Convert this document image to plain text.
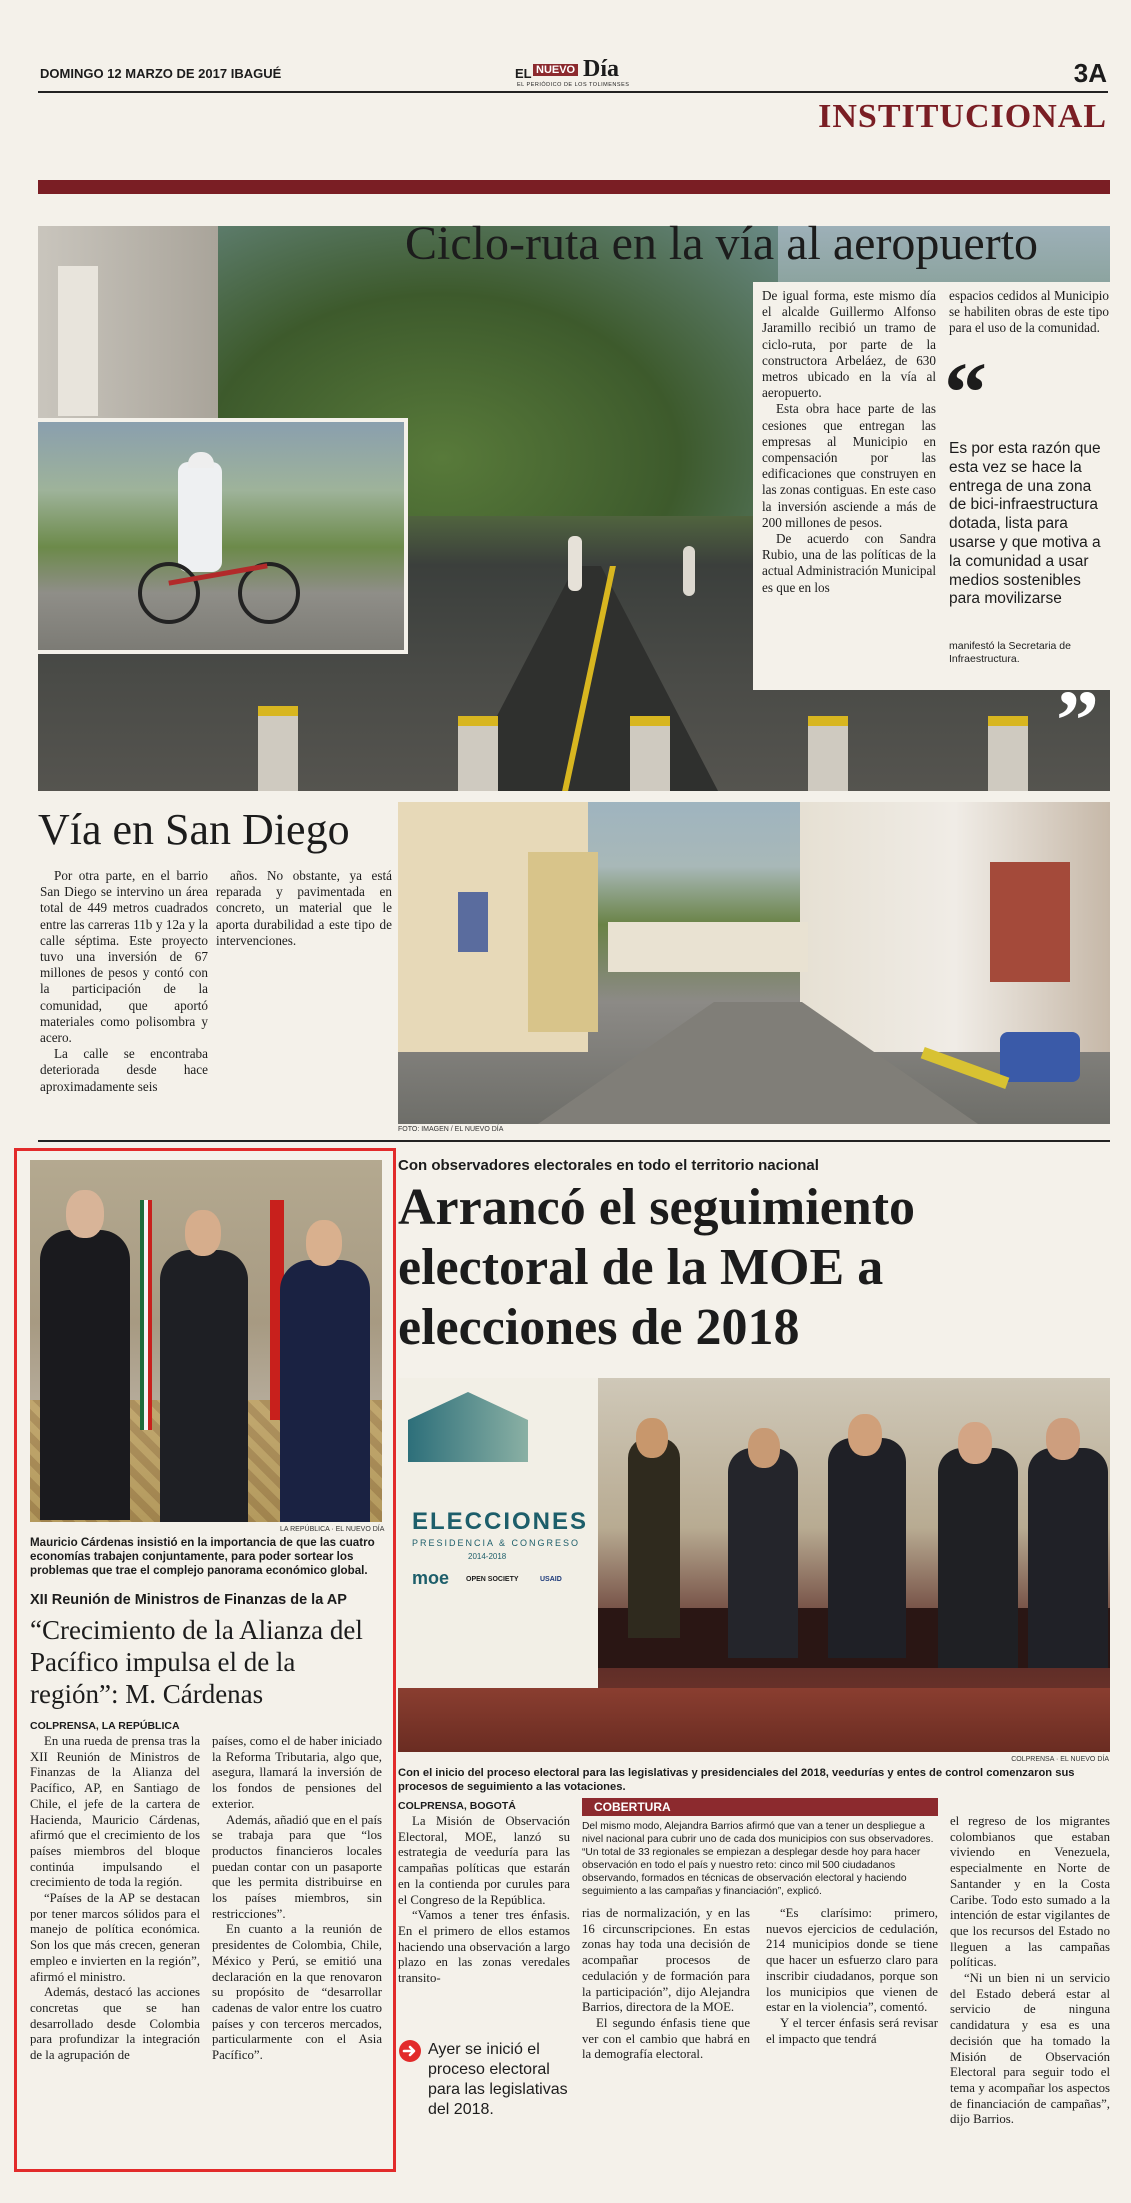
DOMINGO 12 MARZO DE 2017 IBAGUÉ	EL NUEVO Día
EL PERIÓDICO DE LOS TOLIMENSES	3A
INSTITUCIONAL
Ciclo-ruta en la vía al aeropuerto

De igual forma, este mismo día el alcalde Guillermo Alfonso Jaramillo recibió un tramo de ciclo-ruta, por parte de la constructora Arbeláez, de 630 metros ubicado en la vía al aeropuerto.

Esta obra hace parte de las cesiones que entregan las empresas al Municipio en compensación por las edificaciones que construyen en las zonas contiguas. En este caso la inversión asciende a más de 200 millones de pesos.

De acuerdo con Sandra Rubio, una de las políticas de la actual Administración Municipal es que en los

espacios cedidos al Municipio se habiliten obras de este tipo para el uso de la comunidad.

“
Es por esta razón que esta vez se hace la entrega de una zona de bici-infraestructura dotada, lista para usarse y que motiva a la comunidad a usar medios sostenibles para movilizarse
manifestó la Secretaria de Infraestructura.
”
Vía en San Diego

Por otra parte, en el barrio San Diego se intervino un área total de 449 metros cuadrados entre las carreras 11b y 12a y la calle séptima. Este proyecto tuvo una inversión de 67 millones de pesos y contó con la participación de la comunidad, que aportó materiales como polisombra y acero.

La calle se encontraba deteriorada desde hace aproximadamente seis

años. No obstante, ya está reparada y pavimentada en concreto, un material que le aporta durabilidad a este tipo de intervenciones.

FOTO: IMAGEN / EL NUEVO DÍA
LA REPÚBLICA · EL NUEVO DÍA
Mauricio Cárdenas insistió en la importancia de que las cuatro economías trabajen conjuntamente, para poder sortear los problemas que trae el complejo panorama económico global.
XII Reunión de Ministros de Finanzas de la AP
“Crecimiento de la Alianza del Pacífico impulsa el de la región”: M. Cárdenas
COLPRENSA, LA REPÚBLICA

En una rueda de prensa tras la XII Reunión de Ministros de Finanzas de la Alianza del Pacífico, AP, en Santiago de Chile, el jefe de la cartera de Hacienda, Mauricio Cárdenas, afirmó que el crecimiento de los países miembros del bloque continúa impulsando el crecimiento de toda la región.

“Países de la AP se destacan por tener marcos sólidos para el manejo de política económica. Son los que más crecen, generan empleo e invierten en la región”, afirmó el ministro.

Además, destacó las acciones concretas que se han desarrollado desde Colombia para profundizar la integración de la agrupación de

países, como el de haber iniciado la Reforma Tributaria, algo que, asegura, llamará la inversión de los fondos de pensiones del exterior.

Además, añadió que en el país se trabaja para que “los productos financieros locales puedan contar con un pasaporte que les permita distribuirse en los países miembros, sin restricciones”.

En cuanto a la reunión de presidentes de Colombia, Chile, México y Perú, se emitió una declaración en la que renovaron su propósito de “desarrollar cadenas de valor entre los cuatro países y con terceros mercados, particularmente con el Asia Pacífico”.

Con observadores electorales en todo el territorio nacional
Arrancó el seguimiento electoral de la MOE a elecciones de 2018
ELECCIONES
PRESIDENCIA & CONGRESO
2014-2018
moe OPEN SOCIETY	USAID
COLPRENSA · EL NUEVO DÍA
Con el inicio del proceso electoral para las legislativas y presidenciales del 2018, veedurías y entes de control comenzaron sus procesos de seguimiento a las votaciones.
COLPRENSA, BOGOTÁ

La Misión de Observación Electoral, MOE, lanzó su estrategia de veeduría para las campañas políticas que estarán en la contienda por curules para el Congreso de la República.

“Vamos a tener tres énfasis. En el primero de ellos estamos haciendo una observación a largo plazo en las zonas veredales transito-

Ayer se inició el proceso electoral para las legislativas del 2018.
COBERTURA
Del mismo modo, Alejandra Barrios afirmó que van a tener un despliegue a nivel nacional para cubrir uno de cada dos municipios con sus observadores.
“Un total de 33 regionales se empiezan a desplegar desde hoy para hacer observación en todo el país y nuestro reto: cinco mil 500 ciudadanos observando, formados en técnicas de observación electoral y haciendo seguimiento a las campañas y financiación”, explicó.

rias de normalización, y en las 16 circunscripciones. En estas zonas hay toda una decisión de acompañar procesos de cedulación y de formación para la participación”, dijo Alejandra Barrios, directora de la MOE.

El segundo énfasis tiene que ver con el cambio que habrá en la demografía electoral.

“Es clarísimo: primero, nuevos ejercicios de cedulación, 214 municipios donde se tiene que hacer un esfuerzo claro para inscribir ciudadanos, porque son los municipios que vienen de estar en la violencia”, comentó.

Y el tercer énfasis será revisar el impacto que tendrá

el regreso de los migrantes colombianos que estaban viviendo en Venezuela, especialmente en Norte de Santander y en la Costa Caribe. Todo esto sumado a la intención de estar vigilantes de que los recursos del Estado no lleguen a las campañas políticas.

“Ni un bien ni un servicio del Estado deberá estar al servicio de ninguna candidatura y esa es una decisión que ha tomado la Misión de Observación Electoral para seguir todo el tema y acompañar los aspectos de financiación de campañas”, dijo Barrios.
